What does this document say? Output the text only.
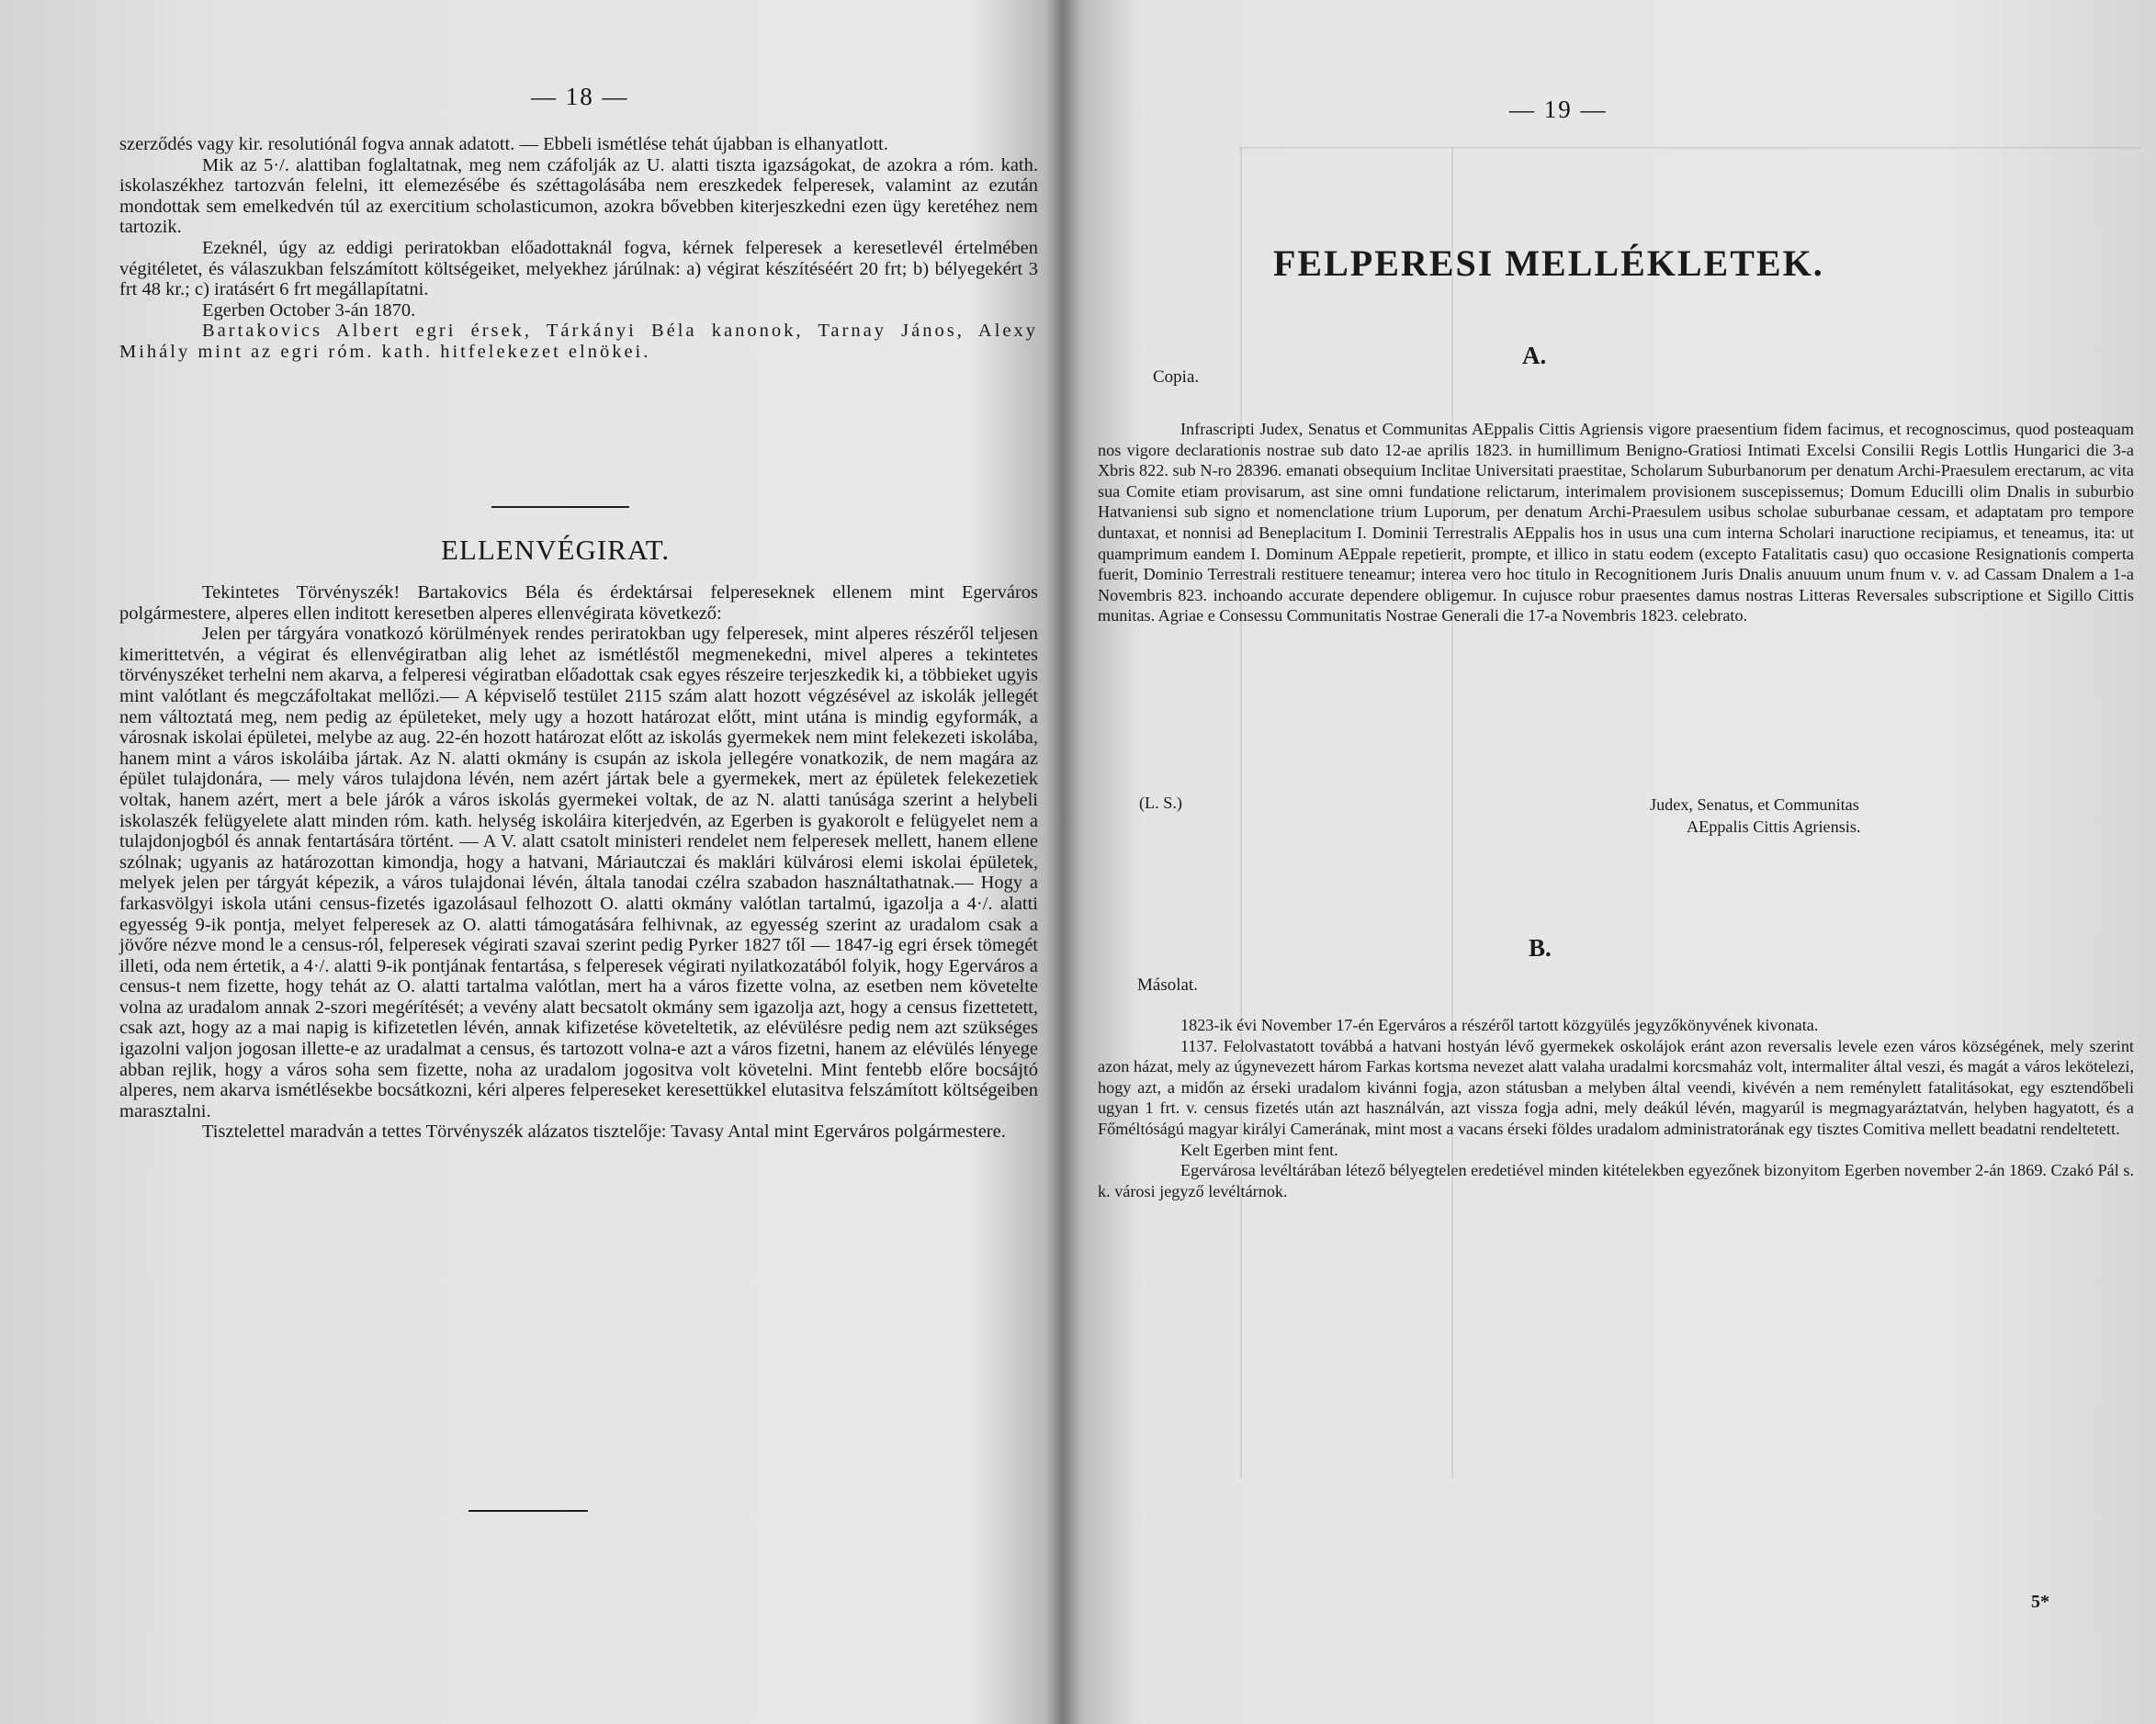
— 18 —

szerződés vagy kir. resolutiónál fogva annak adatott. — Ebbeli ismétlése tehát újabban is elhanyatlott.

Mik az 5·/. alattiban foglaltatnak, meg nem czáfolják az U. alatti tiszta igazságokat, de azokra a róm. kath. iskolaszékhez tartozván felelni, itt elemezésébe és széttagolásába nem ereszkedek felperesek, valamint az ezután mondottak sem emelkedvén túl az exercitium scholasticumon, azokra bővebben kiterjeszkedni ezen ügy keretéhez nem tartozik.

Ezeknél, úgy az eddigi periratokban előadottaknál fogva, kérnek felperesek a keresetlevél értelmében végitéletet, és válaszukban felszámított költségeiket, melyekhez járúlnak: a) végirat készítéséért 20 frt; b) bélyegekért 3 frt 48 kr.; c) iratásért 6 frt megállapítatni.

Egerben October 3-án 1870.

Bartakovics Albert egri érsek, Tárkányi Béla kanonok, Tarnay János, Alexy Mihály mint az egri róm. kath. hitfelekezet elnökei.

ELLENVÉGIRAT.

Tekintetes Törvényszék! Bartakovics Béla és érdektársai felpereseknek ellenem mint Egerváros polgármestere, alperes ellen inditott keresetben alperes ellenvégirata következő:

Jelen per tárgyára vonatkozó körülmények rendes periratokban ugy felperesek, mint alperes részéről teljesen kimerittetvén, a végirat és ellenvégiratban alig lehet az ismétléstől megmenekedni, mivel alperes a tekintetes törvényszéket terhelni nem akarva, a felperesi végiratban előadottak csak egyes részeire terjeszkedik ki, a többieket ugyis mint valótlant és megczáfoltakat mellőzi.— A képviselő testület 2115 szám alatt hozott végzésével az iskolák jellegét nem változtatá meg, nem pedig az épületeket, mely ugy a hozott határozat előtt, mint utána is mindig egyformák, a városnak iskolai épületei, melybe az aug. 22-én hozott határozat előtt az iskolás gyermekek nem mint felekezeti iskolába, hanem mint a város iskoláiba jártak. Az N. alatti okmány is csupán az iskola jellegére vonatkozik, de nem magára az épület tulajdonára, — mely város tulajdona lévén, nem azért jártak bele a gyermekek, mert az épületek felekezetiek voltak, hanem azért, mert a bele járók a város iskolás gyermekei voltak, de az N. alatti tanúsága szerint a helybeli iskolaszék felügyelete alatt minden róm. kath. helység iskoláira kiterjedvén, az Egerben is gyakorolt e felügyelet nem a tulajdonjogból és annak fentartására történt. — A V. alatt csatolt ministeri rendelet nem felperesek mellett, hanem ellene szólnak; ugyanis az határozottan kimondja, hogy a hatvani, Máriautczai és maklári külvárosi elemi iskolai épületek, melyek jelen per tárgyát képezik, a város tulajdonai lévén, általa tanodai czélra szabadon használtathatnak.— Hogy a farkasvölgyi iskola utáni census-fizetés igazolásaul felhozott O. alatti okmány valótlan tartalmú, igazolja a 4·/. alatti egyesség 9-ik pontja, melyet felperesek az O. alatti támogatására felhivnak, az egyesség szerint az uradalom csak a jövőre nézve mond le a census-ról, felperesek végirati szavai szerint pedig Pyrker 1827 től — 1847-ig egri érsek tömegét illeti, oda nem értetik, a 4·/. alatti 9-ik pontjának fentartása, s felperesek végirati nyilatkozatából folyik, hogy Egerváros a census-t nem fizette, hogy tehát az O. alatti tartalma valótlan, mert ha a város fizette volna, az esetben nem követelte volna az uradalom annak 2-szori megérítését; a vevény alatt becsatolt okmány sem igazolja azt, hogy a census fizettetett, csak azt, hogy az a mai napig is kifizetetlen lévén, annak kifizetése követeltetik, az elévülésre pedig nem azt szükséges igazolni valjon jogosan illette-e az uradalmat a census, és tartozott volna-e azt a város fizetni, hanem az elévülés lényege abban rejlik, hogy a város soha sem fizette, noha az uradalom jogositva volt követelni. Mint fentebb előre bocsájtó alperes, nem akarva ismétlésekbe bocsátkozni, kéri alperes felpereseket keresettükkel elutasitva felszámított költségeiben marasztalni.

Tisztelettel maradván a tettes Törvényszék alázatos tisztelője: Tavasy Antal mint Egerváros polgármestere.

— 19 —
FELPERESI MELLÉKLETEK.
A.
Copia.

Infrascripti Judex, Senatus et Communitas AEppalis Cittis Agriensis vigore praesentium fidem facimus, et recognoscimus, quod posteaquam nos vigore declarationis nostrae sub dato 12-ae aprilis 1823. in humillimum Benigno-Gratiosi Intimati Excelsi Consilii Regis Lottlis Hungarici die 3-a Xbris 822. sub N-ro 28396. emanati obsequium Inclitae Universitati praestitae, Scholarum Suburbanorum per denatum Archi-Praesulem erectarum, ac vita sua Comite etiam provisarum, ast sine omni fundatione relictarum, interimalem provisionem suscepissemus; Domum Educilli olim Dnalis in suburbio Hatvaniensi sub signo et nomenclatione trium Luporum, per denatum Archi-Praesulem usibus scholae suburbanae cessam, et adaptatam pro tempore duntaxat, et nonnisi ad Beneplacitum I. Dominii Terrestralis AEppalis hos in usus una cum interna Scholari inaructione recipiamus, et teneamus, ita: ut quamprimum eandem I. Dominum AEppale repetierit, prompte, et illico in statu eodem (excepto Fatalitatis casu) quo occasione Resignationis comperta fuerit, Dominio Terrestrali restituere teneamur; interea vero hoc titulo in Recognitionem Juris Dnalis anuuum unum fnum v. v. ad Cassam Dnalem a 1-a Novembris 823. inchoando accurate dependere obligemur. In cujusce robur praesentes damus nostras Litteras Reversales subscriptione et Sigillo Cittis munitas. Agriae e Consessu Communitatis Nostrae Generali die 17-a Novembris 1823. celebrato.

(L. S.)	Judex, Senatus, et Communitas
AEppalis Cittis Agriensis.
B.
Másolat.

1823-ik évi November 17-én Egerváros a részéről tartott közgyülés jegyzőkönyvének kivonata.

1137. Felolvastatott továbbá a hatvani hostyán lévő gyermekek oskolájok eránt azon reversalis levele ezen város községének, mely szerint azon házat, mely az úgynevezett három Farkas kortsma nevezet alatt valaha uradalmi korcsmaház volt, intermaliter által veszi, és magát a város lekötelezi, hogy azt, a midőn az érseki uradalom kivánni fogja, azon státusban a melyben által veendi, kivévén a nem reménylett fatalitásokat, egy esztendőbeli ugyan 1 frt. v. census fizetés után azt használván, azt vissza fogja adni, mely deákúl lévén, magyarúl is megmagyaráztatván, helyben hagyatott, és a Főméltóságú magyar királyi Camerának, mint most a vacans érseki földes uradalom administratorának egy tisztes Comitiva mellett beadatni rendeltetett.

Kelt Egerben mint fent.

Egervárosa levéltárában létező bélyegtelen eredetiével minden kitételekben egyezőnek bizonyitom Egerben november 2-án 1869. Czakó Pál s. k. városi jegyző levéltárnok.

5*
